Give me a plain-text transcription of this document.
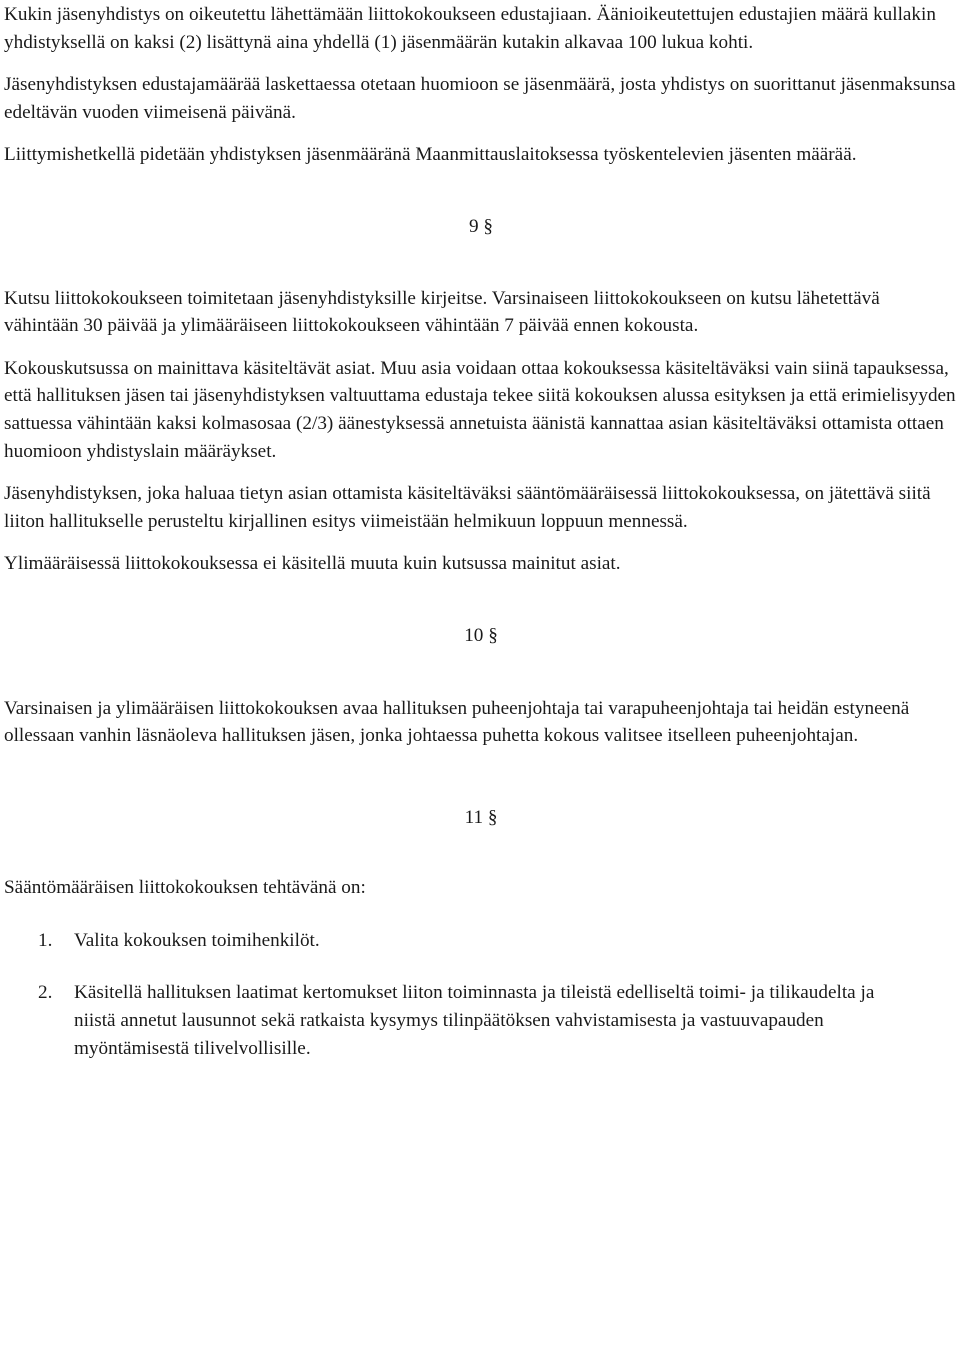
Kukin jäsenyhdistys on oikeutettu lähettämään liittokokoukseen edustajiaan. Äänioikeutettujen edustajien määrä kullakin yhdistyksellä on kaksi (2) lisättynä aina yhdellä (1) jäsenmäärän kutakin alkavaa 100 lukua kohti.

Jäsenyhdistyksen edustajamäärää laskettaessa otetaan huomioon se jäsenmäärä, josta yhdistys on suorittanut jäsenmaksunsa edeltävän vuoden viimeisenä päivänä.

Liittymishetkellä pidetään yhdistyksen jäsenmääränä Maanmittauslaitoksessa työskentelevien jäsenten määrää.

9 §

Kutsu liittokokoukseen toimitetaan jäsenyhdistyksille kirjeitse. Varsinaiseen liittokokoukseen on kutsu lähetettävä vähintään 30 päivää ja ylimääräiseen liittokokoukseen vähintään 7 päivää ennen kokousta.

Kokouskutsussa on mainittava käsiteltävät asiat. Muu asia voidaan ottaa kokouksessa käsiteltäväksi vain siinä tapauksessa, että hallituksen jäsen tai jäsenyhdistyksen valtuuttama edustaja tekee siitä kokouksen alussa esityksen ja että erimielisyyden sattuessa vähintään kaksi kolmasosaa (2/3) äänestyksessä annetuista äänistä kannattaa asian käsiteltäväksi ottamista ottaen huomioon yhdistyslain määräykset.

Jäsenyhdistyksen, joka haluaa tietyn asian ottamista käsiteltäväksi sääntömääräisessä liittokokouksessa, on jätettävä siitä liiton hallitukselle perusteltu kirjallinen esitys viimeistään helmikuun loppuun mennessä.

Ylimääräisessä liittokokouksessa ei käsitellä muuta kuin kutsussa mainitut asiat.

10 §

Varsinaisen ja ylimääräisen liittokokouksen avaa hallituksen puheenjohtaja tai varapuheenjohtaja tai heidän estyneenä ollessaan vanhin läsnäoleva hallituksen jäsen, jonka johtaessa puhetta kokous valitsee itselleen puheenjohtajan.

11 §

Sääntömääräisen liittokokouksen tehtävänä on:

1. Valita kokouksen toimihenkilöt.
2. Käsitellä hallituksen laatimat kertomukset liiton toiminnasta ja tileistä edelliseltä toimi- ja tilikaudelta ja niistä annetut lausunnot sekä ratkaista kysymys tilinpäätöksen vahvistamisesta ja vastuuvapauden myöntämisestä tilivelvollisille.
